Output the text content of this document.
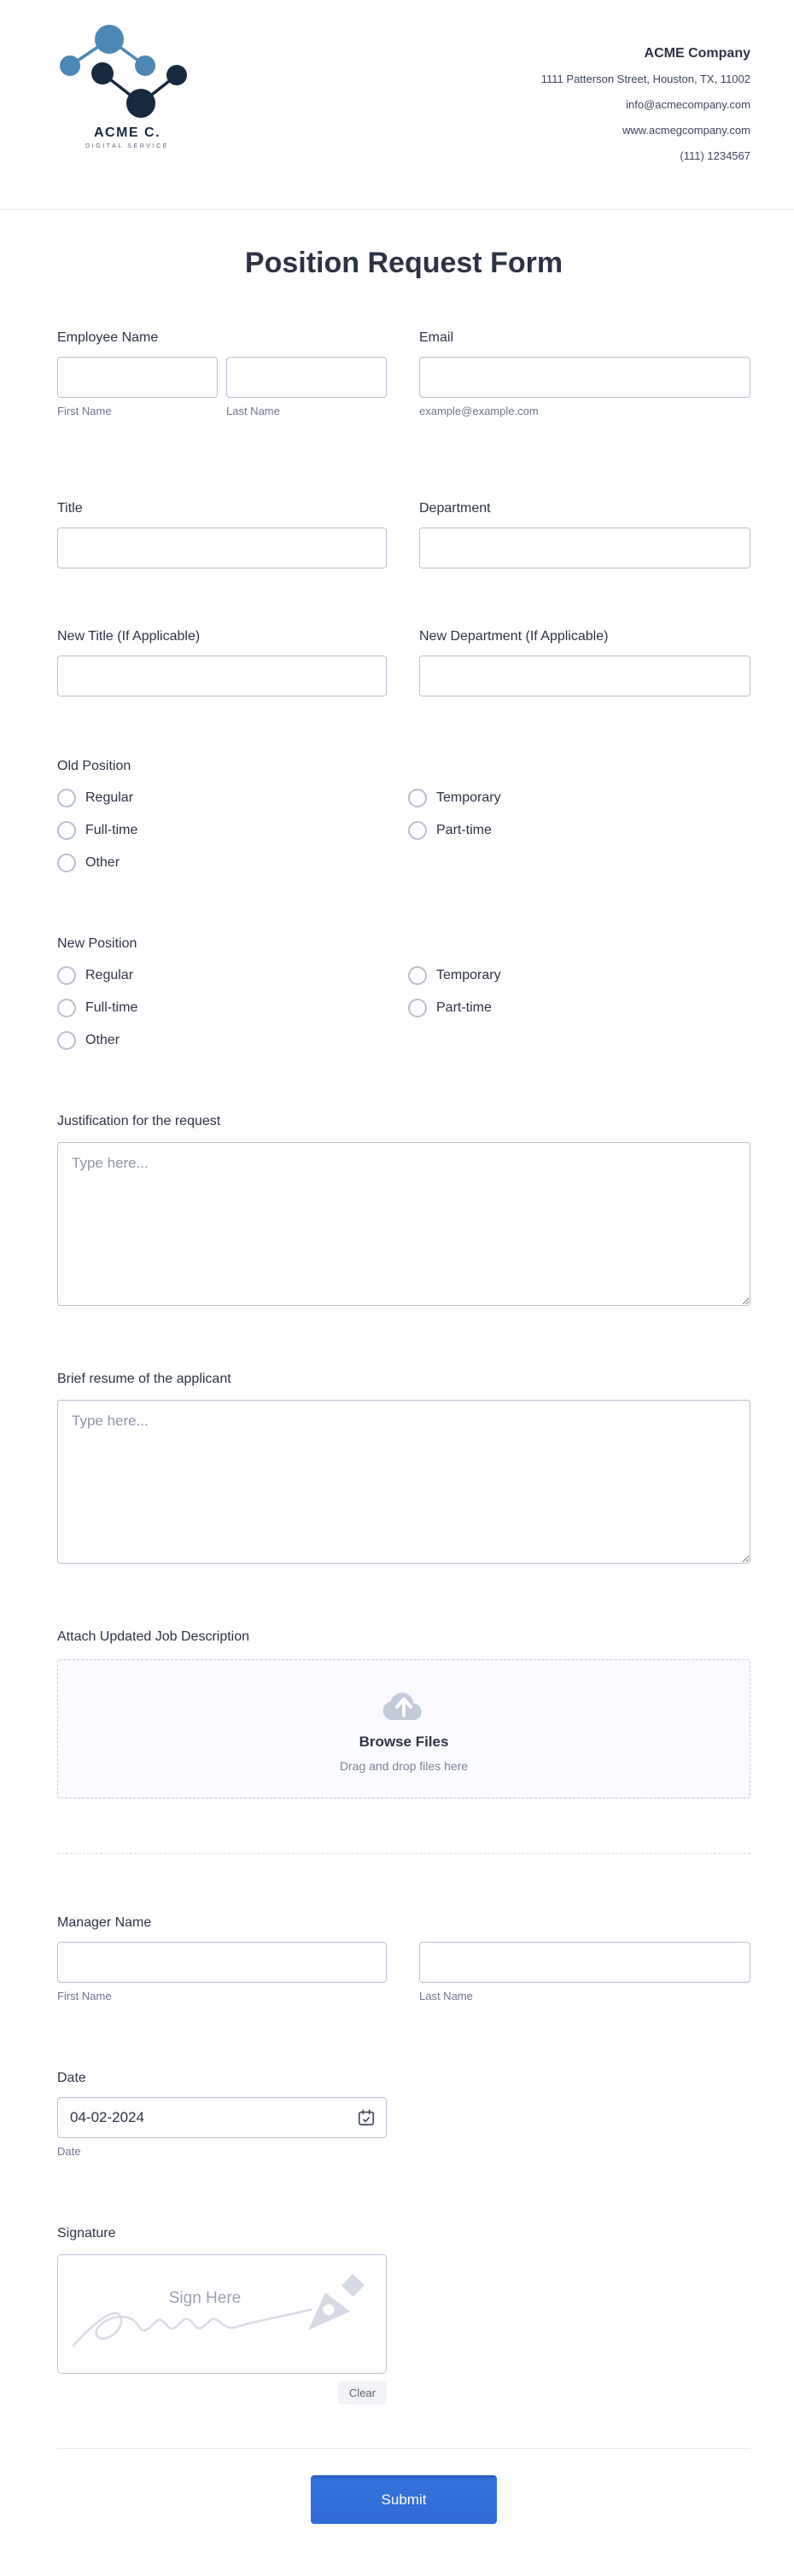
ACME C.
DIGITAL SERVICE
ACME Company
1111 Patterson Street, Houston, TX, 11002
info@acmecompany.com
www.acmegcompany.com
(111) 1234567
Position Request Form
Employee Name
First Name	Last Name
Email
example@example.com
Title	Department
New Title (If Applicable)	New Department (If Applicable)
Old Position
Regular
Full-time
Other
Temporary
Part-time
New Position
Regular
Full-time
Other
Temporary
Part-time
Justification for the request
Type here...
Brief resume of the applicant
Type here...
Attach Updated Job Description
Browse Files
Drag and drop files here
Manager Name
First Name	Last Name
Date
04-02-2024
Date
Signature
Sign Here
Clear
Submit
